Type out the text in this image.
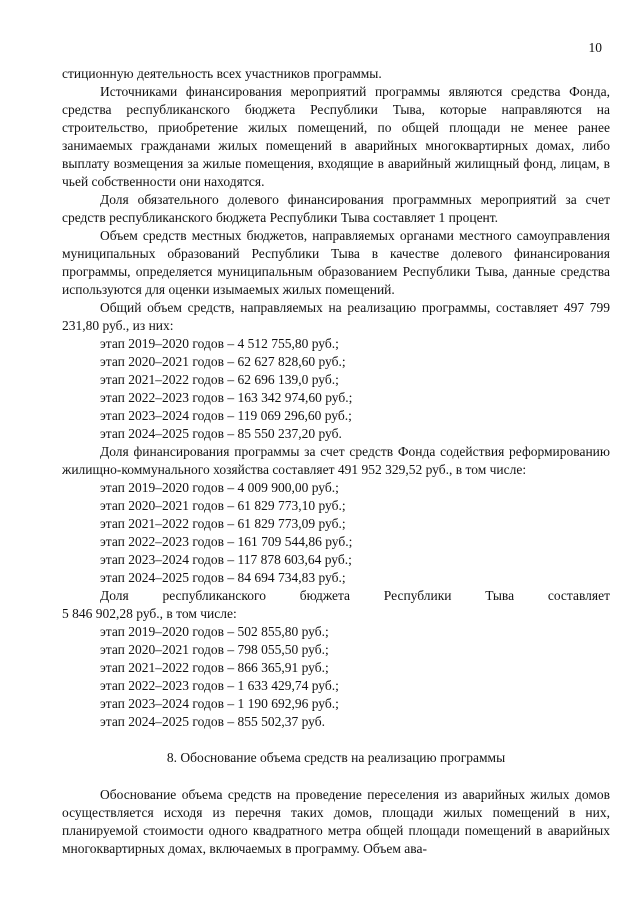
10

стиционную деятельность всех участников программы.

Источниками финансирования мероприятий программы являются средства Фонда, средства республиканского бюджета Республики Тыва, которые направляются на строительство, приобретение жилых помещений, по общей площади не менее ранее занимаемых гражданами жилых помещений в аварийных многоквартирных домах, либо выплату возмещения за жилые помещения, входящие в аварийный жилищный фонд, лицам, в чьей собственности они находятся.

Доля обязательного долевого финансирования программных мероприятий за счет средств республиканского бюджета Республики Тыва составляет 1 процент.

Объем средств местных бюджетов, направляемых органами местного самоуправления муниципальных образований Республики Тыва в качестве долевого финансирования программы, определяется муниципальным образованием Республики Тыва, данные средства используются для оценки изымаемых жилых помещений.

Общий объем средств, направляемых на реализацию программы, составляет 497 799 231,80 руб., из них:

этап 2019–2020 годов – 4 512 755,80 руб.;

этап 2020–2021 годов – 62 627 828,60 руб.;

этап 2021–2022 годов – 62 696 139,0 руб.;

этап 2022–2023 годов – 163 342 974,60 руб.;

этап 2023–2024 годов – 119 069 296,60 руб.;

этап 2024–2025 годов – 85 550 237,20 руб.

Доля финансирования программы за счет средств Фонда содействия реформированию жилищно-коммунального хозяйства составляет 491 952 329,52 руб., в том числе:

этап 2019–2020 годов – 4 009 900,00 руб.;

этап 2020–2021 годов – 61 829 773,10 руб.;

этап 2021–2022 годов – 61 829 773,09 руб.;

этап 2022–2023 годов – 161 709 544,86 руб.;

этап 2023–2024 годов – 117 878 603,64 руб.;

этап 2024–2025 годов – 84 694 734,83 руб.;

Доля республиканского бюджета Республики Тыва составляет

5 846 902,28 руб., в том числе:

этап 2019–2020 годов – 502 855,80 руб.;

этап 2020–2021 годов – 798 055,50 руб.;

этап 2021–2022 годов – 866 365,91 руб.;

этап 2022–2023 годов – 1 633 429,74 руб.;

этап 2023–2024 годов – 1 190 692,96 руб.;

этап 2024–2025 годов – 855 502,37 руб.

8. Обоснование объема средств на реализацию программы

Обоснование объема средств на проведение переселения из аварийных жилых домов осуществляется исходя из перечня таких домов, площади жилых помещений в них, планируемой стоимости одного квадратного метра общей площади помещений в аварийных многоквартирных домах, включаемых в программу. Объем ава-
